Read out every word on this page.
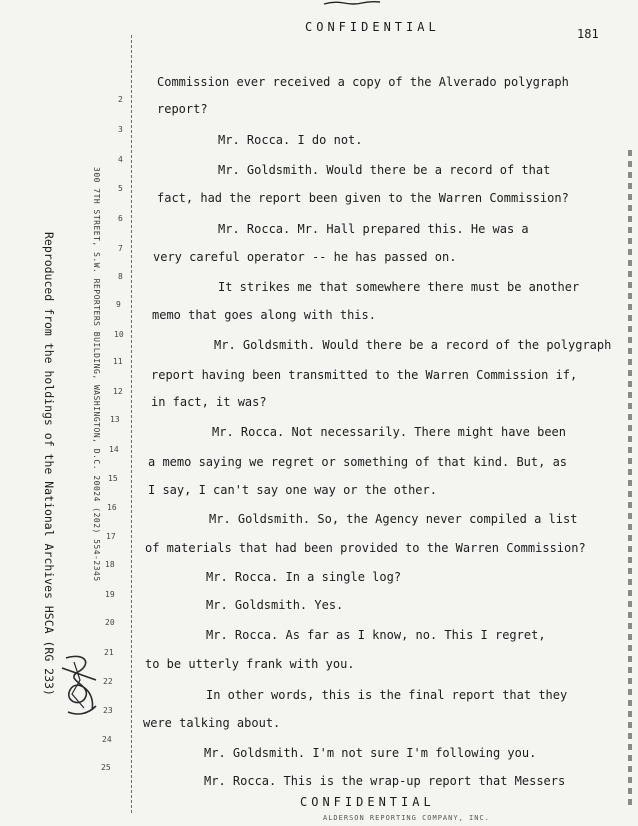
CONFIDENTIAL	181
Reproduced from the holdings of the National Archives HSCA (RG 233)	300 7TH STREET, S.W. REPORTERS BUILDING, WASHINGTON, D.C. 20024 (202) 554-2345
2
3
4
5
6
7
8
9
10
11
12
13
14
15
16
17
18
19
20
21
22
23
24
25
Commission ever received a copy of the Alverado polygraph
report?
Mr. Rocca. I do not.
Mr. Goldsmith. Would there be a record of that
fact, had the report been given to the Warren Commission?
Mr. Rocca. Mr. Hall prepared this. He was a
very careful operator -- he has passed on.
It strikes me that somewhere there must be another
memo that goes along with this.
Mr. Goldsmith. Would there be a record of the polygraph
report having been transmitted to the Warren Commission if,
in fact, it was?
Mr. Rocca. Not necessarily. There might have been
a memo saying we regret or something of that kind. But, as
I say, I can't say one way or the other.
Mr. Goldsmith. So, the Agency never compiled a list
of materials that had been provided to the Warren Commission?
Mr. Rocca. In a single log?
Mr. Goldsmith. Yes.
Mr. Rocca. As far as I know, no. This I regret,
to be utterly frank with you.
In other words, this is the final report that they
were talking about.
Mr. Goldsmith. I'm not sure I'm following you.
Mr. Rocca. This is the wrap-up report that Messers
CONFIDENTIAL
ALDERSON REPORTING COMPANY, INC.
